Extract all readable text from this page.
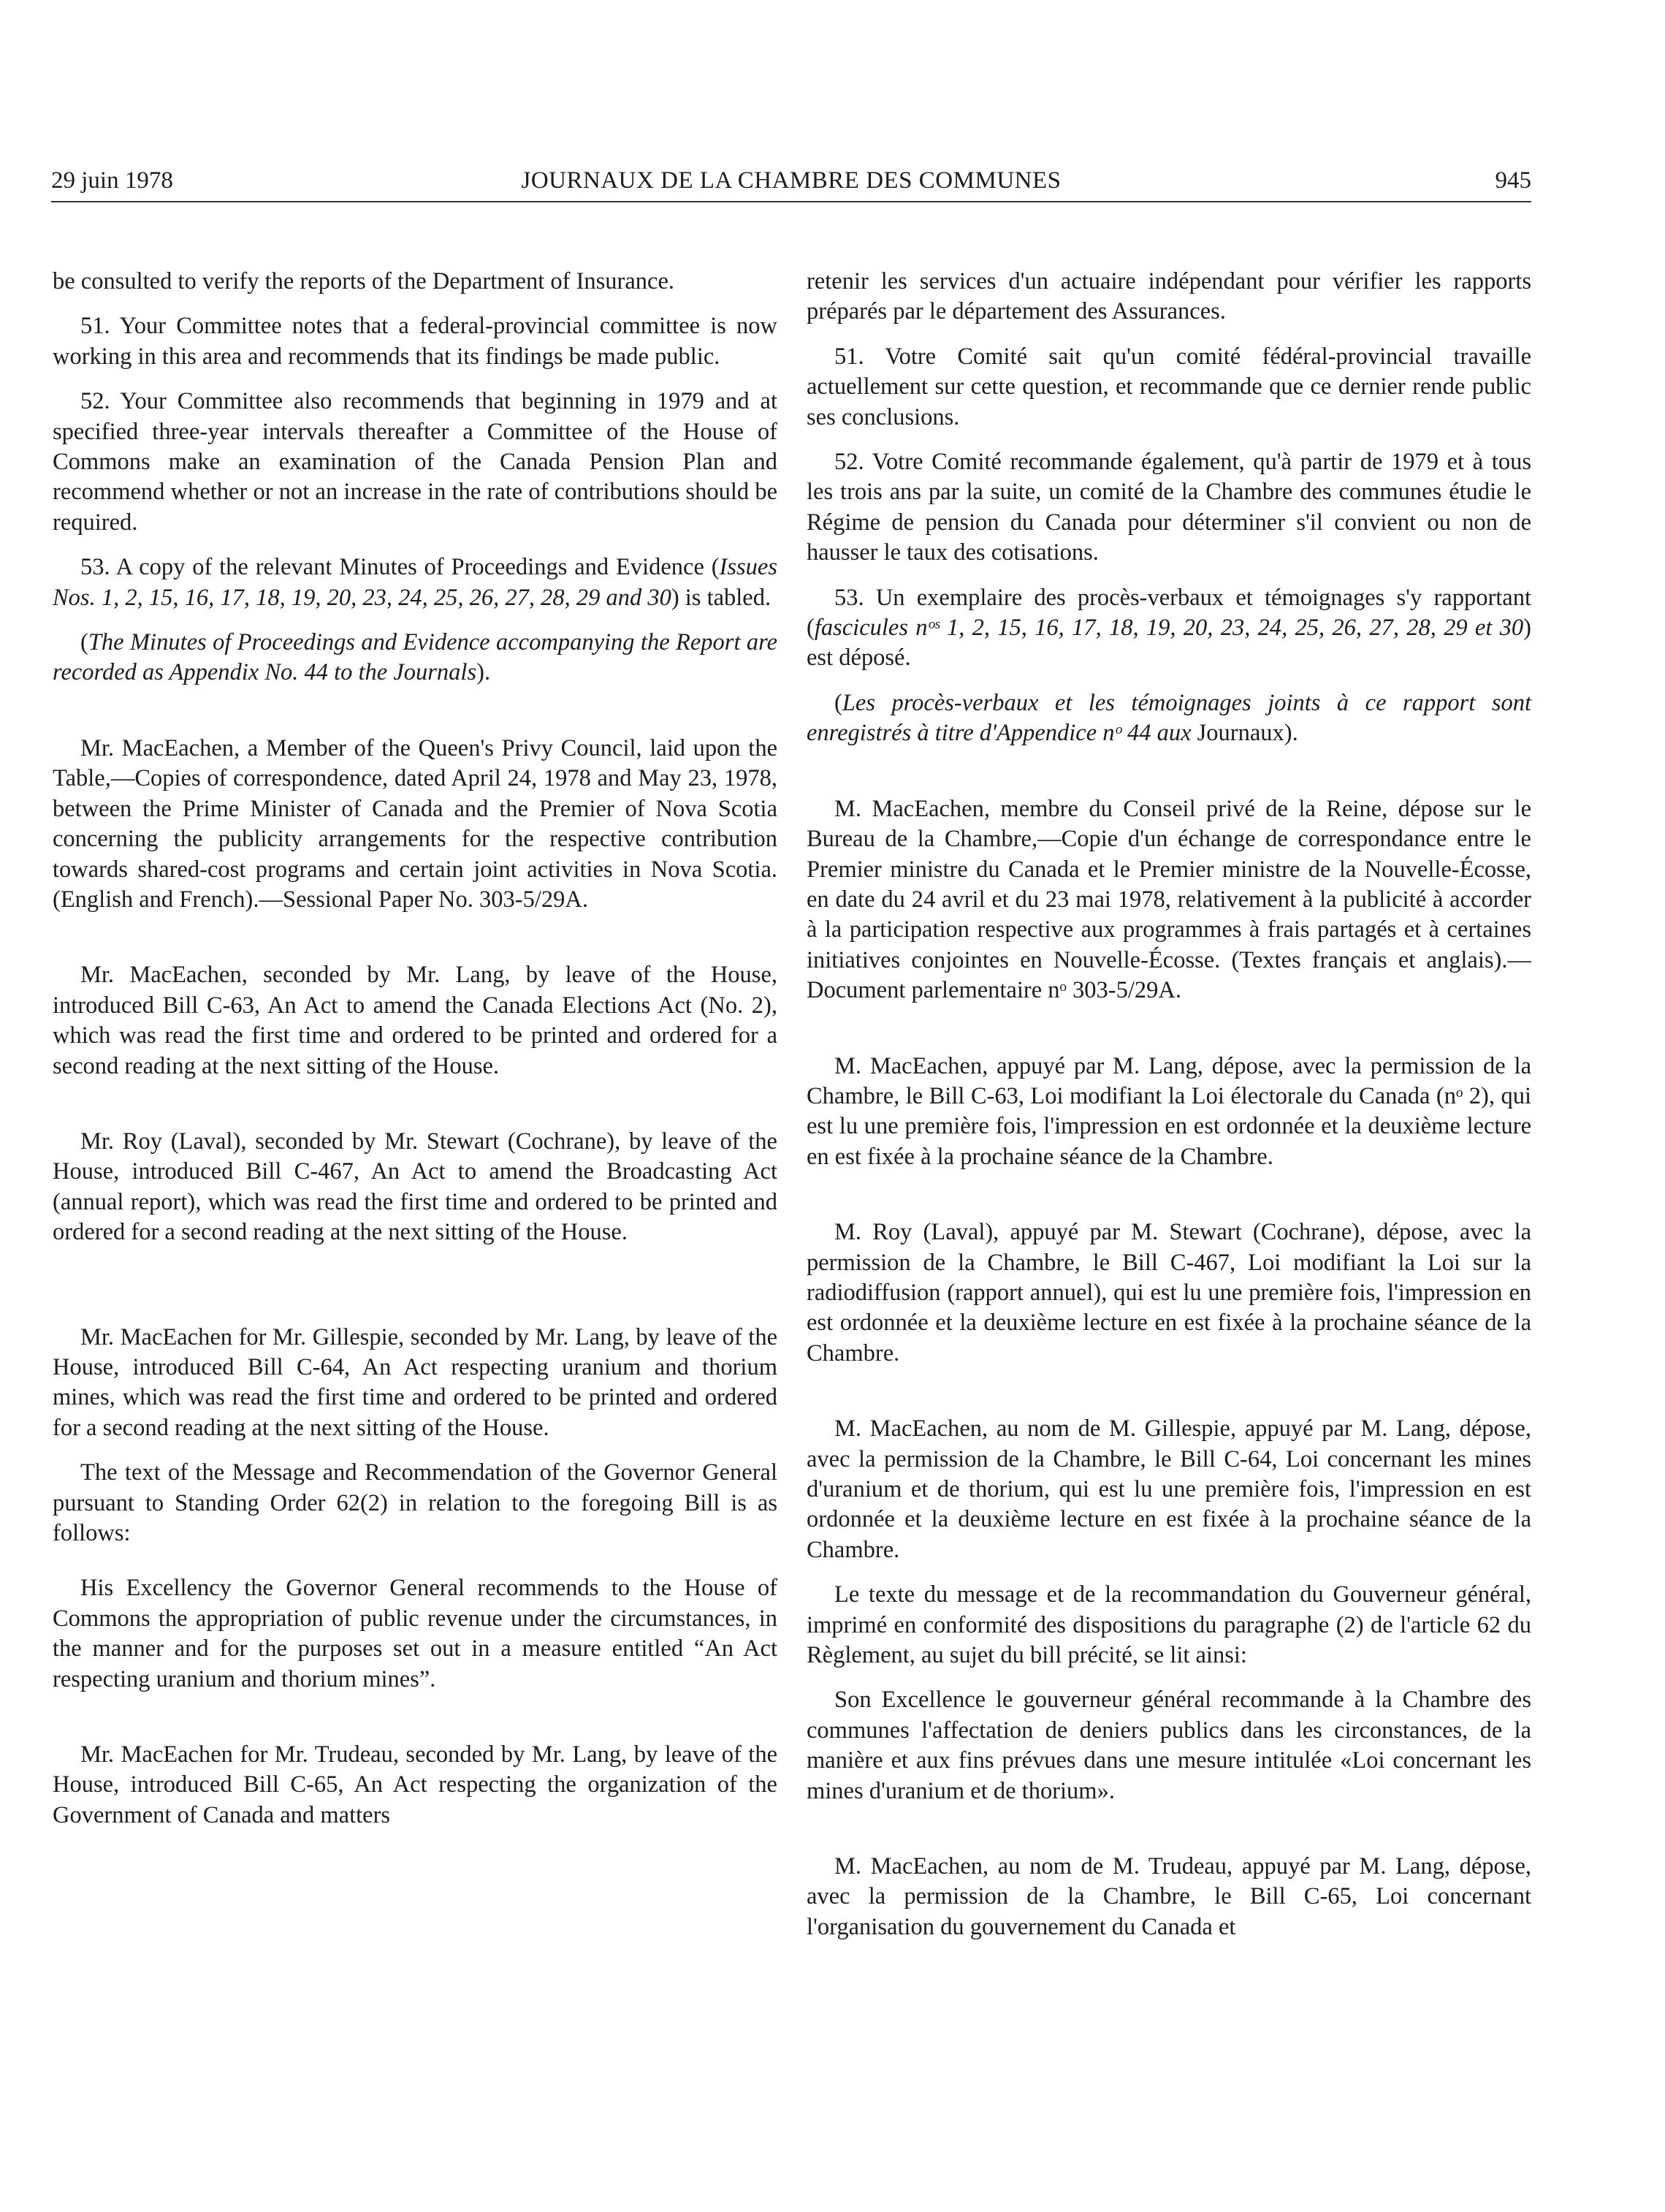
29 juin 1978	JOURNAUX DE LA CHAMBRE DES COMMUNES	945

be consulted to verify the reports of the Department of Insurance.

51. Your Committee notes that a federal-provincial committee is now working in this area and recommends that its findings be made public.

52. Your Committee also recommends that beginning in 1979 and at specified three-year intervals thereafter a Committee of the House of Commons make an examination of the Canada Pension Plan and recommend whether or not an increase in the rate of contributions should be required.

53. A copy of the relevant Minutes of Proceedings and Evidence (Issues Nos. 1, 2, 15, 16, 17, 18, 19, 20, 23, 24, 25, 26, 27, 28, 29 and 30) is tabled.

(The Minutes of Proceedings and Evidence accompanying the Report are recorded as Appendix No. 44 to the Journals).

Mr. MacEachen, a Member of the Queen's Privy Council, laid upon the Table,—Copies of correspondence, dated April 24, 1978 and May 23, 1978, between the Prime Minister of Canada and the Premier of Nova Scotia concerning the publicity arrangements for the respective contribution towards shared-cost programs and certain joint activities in Nova Scotia. (English and French).—Sessional Paper No. 303-5/29A.

Mr. MacEachen, seconded by Mr. Lang, by leave of the House, introduced Bill C-63, An Act to amend the Canada Elections Act (No. 2), which was read the first time and ordered to be printed and ordered for a second reading at the next sitting of the House.

Mr. Roy (Laval), seconded by Mr. Stewart (Cochrane), by leave of the House, introduced Bill C-467, An Act to amend the Broadcasting Act (annual report), which was read the first time and ordered to be printed and ordered for a second reading at the next sitting of the House.

Mr. MacEachen for Mr. Gillespie, seconded by Mr. Lang, by leave of the House, introduced Bill C-64, An Act respecting uranium and thorium mines, which was read the first time and ordered to be printed and ordered for a second reading at the next sitting of the House.

The text of the Message and Recommendation of the Governor General pursuant to Standing Order 62(2) in relation to the foregoing Bill is as follows:

His Excellency the Governor General recommends to the House of Commons the appropriation of public revenue under the circumstances, in the manner and for the purposes set out in a measure entitled “An Act respecting uranium and thorium mines”.

Mr. MacEachen for Mr. Trudeau, seconded by Mr. Lang, by leave of the House, introduced Bill C-65, An Act respecting the organization of the Government of Canada and matters

retenir les services d'un actuaire indépendant pour vérifier les rapports préparés par le département des Assurances.

51. Votre Comité sait qu'un comité fédéral-provincial travaille actuellement sur cette question, et recommande que ce dernier rende public ses conclusions.

52. Votre Comité recommande également, qu'à partir de 1979 et à tous les trois ans par la suite, un comité de la Chambre des communes étudie le Régime de pension du Canada pour déterminer s'il convient ou non de hausser le taux des cotisations.

53. Un exemplaire des procès-verbaux et témoignages s'y rapportant (fascicules nᵒˢ 1, 2, 15, 16, 17, 18, 19, 20, 23, 24, 25, 26, 27, 28, 29 et 30) est déposé.

(Les procès-verbaux et les témoignages joints à ce rapport sont enregistrés à titre d'Appendice nᵒ 44 aux Journaux).

M. MacEachen, membre du Conseil privé de la Reine, dépose sur le Bureau de la Chambre,—Copie d'un échange de correspondance entre le Premier ministre du Canada et le Premier ministre de la Nouvelle-Écosse, en date du 24 avril et du 23 mai 1978, relativement à la publicité à accorder à la participation respective aux programmes à frais partagés et à certaines initiatives conjointes en Nouvelle-Écosse. (Textes français et anglais).—Document parlementaire nᵒ 303-5/29A.

M. MacEachen, appuyé par M. Lang, dépose, avec la permission de la Chambre, le Bill C-63, Loi modifiant la Loi électorale du Canada (nᵒ 2), qui est lu une première fois, l'impression en est ordonnée et la deuxième lecture en est fixée à la prochaine séance de la Chambre.

M. Roy (Laval), appuyé par M. Stewart (Cochrane), dépose, avec la permission de la Chambre, le Bill C-467, Loi modifiant la Loi sur la radiodiffusion (rapport annuel), qui est lu une première fois, l'impression en est ordonnée et la deuxième lecture en est fixée à la prochaine séance de la Chambre.

M. MacEachen, au nom de M. Gillespie, appuyé par M. Lang, dépose, avec la permission de la Chambre, le Bill C-64, Loi concernant les mines d'uranium et de thorium, qui est lu une première fois, l'impression en est ordonnée et la deuxième lecture en est fixée à la prochaine séance de la Chambre.

Le texte du message et de la recommandation du Gouverneur général, imprimé en conformité des dispositions du paragraphe (2) de l'article 62 du Règlement, au sujet du bill précité, se lit ainsi:

Son Excellence le gouverneur général recommande à la Chambre des communes l'affectation de deniers publics dans les circonstances, de la manière et aux fins prévues dans une mesure intitulée «Loi concernant les mines d'uranium et de thorium».

M. MacEachen, au nom de M. Trudeau, appuyé par M. Lang, dépose, avec la permission de la Chambre, le Bill C-65, Loi concernant l'organisation du gouvernement du Canada et
